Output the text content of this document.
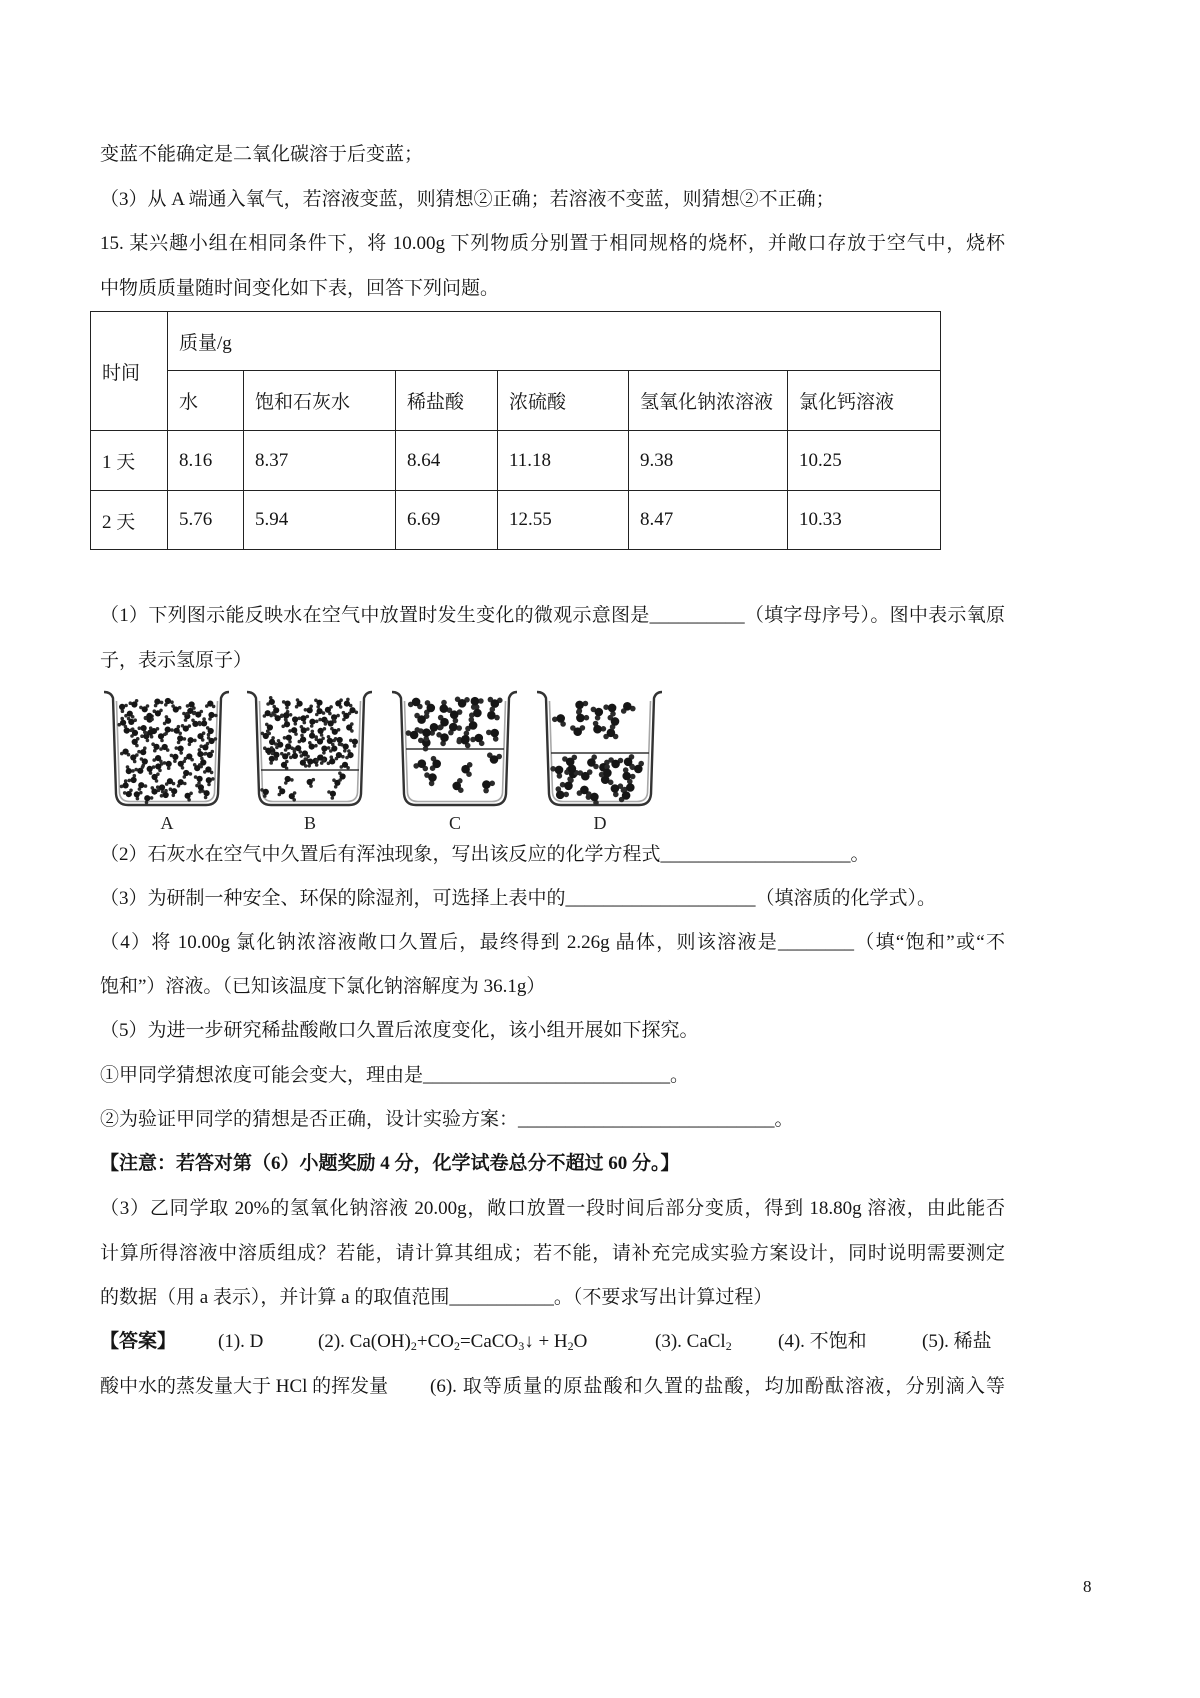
变蓝不能确定是二氧化碳溶于后变蓝；
（3）从 A 端通入氧气，若溶液变蓝，则猜想②正确；若溶液不变蓝，则猜想②不正确；
15. 某兴趣小组在相同条件下，将 10.00g 下列物质分别置于相同规格的烧杯，并敞口存放于空气中，烧杯
中物质质量随时间变化如下表，回答下列问题。
时间	质量/g					
	水	饱和石灰水	稀盐酸	浓硫酸	氢氧化钠浓溶液	氯化钙溶液
1 天	8.16	8.37	8.64	11.18	9.38	10.25
2 天	5.76	5.94	6.69	12.55	8.47	10.33
（1）下列图示能反映水在空气中放置时发生变化的微观示意图是__________（填字母序号）。图中表示氧原
子，表示氢原子）
A	B	C	D
（2）石灰水在空气中久置后有浑浊现象，写出该反应的化学方程式____________________。
（3）为研制一种安全、环保的除湿剂，可选择上表中的____________________（填溶质的化学式）。
（4）将 10.00g 氯化钠浓溶液敞口久置后，最终得到 2.26g 晶体，则该溶液是________（填“饱和”或“不
饱和”）溶液。（已知该温度下氯化钠溶解度为 36.1g）
（5）为进一步研究稀盐酸敞口久置后浓度变化，该小组开展如下探究。
①甲同学猜想浓度可能会变大，理由是__________________________。
②为验证甲同学的猜想是否正确，设计实验方案：___________________________。
【注意：若答对第（6）小题奖励 4 分，化学试卷总分不超过 60 分。】
（3）乙同学取 20%的氢氧化钠溶液 20.00g，敞口放置一段时间后部分变质，得到 18.80g 溶液，由此能否
计算所得溶液中溶质组成？若能，请计算其组成；若不能，请补充完成实验方案设计，同时说明需要测定
的数据（用 a 表示），并计算 a 的取值范围___________。（不要求写出计算过程）
【答案】 (1). D	(2). $Ca(OH)_2+CO_2=CaCO_3↓ + H_2O$	(3). CaCl$_2$ (4). 不饱和	(5). 稀盐
酸中水的蒸发量大于 HCl 的挥发量 (6). 取等质量的原盐酸和久置的盐酸，均加酚酞溶液，分别滴入等
8
